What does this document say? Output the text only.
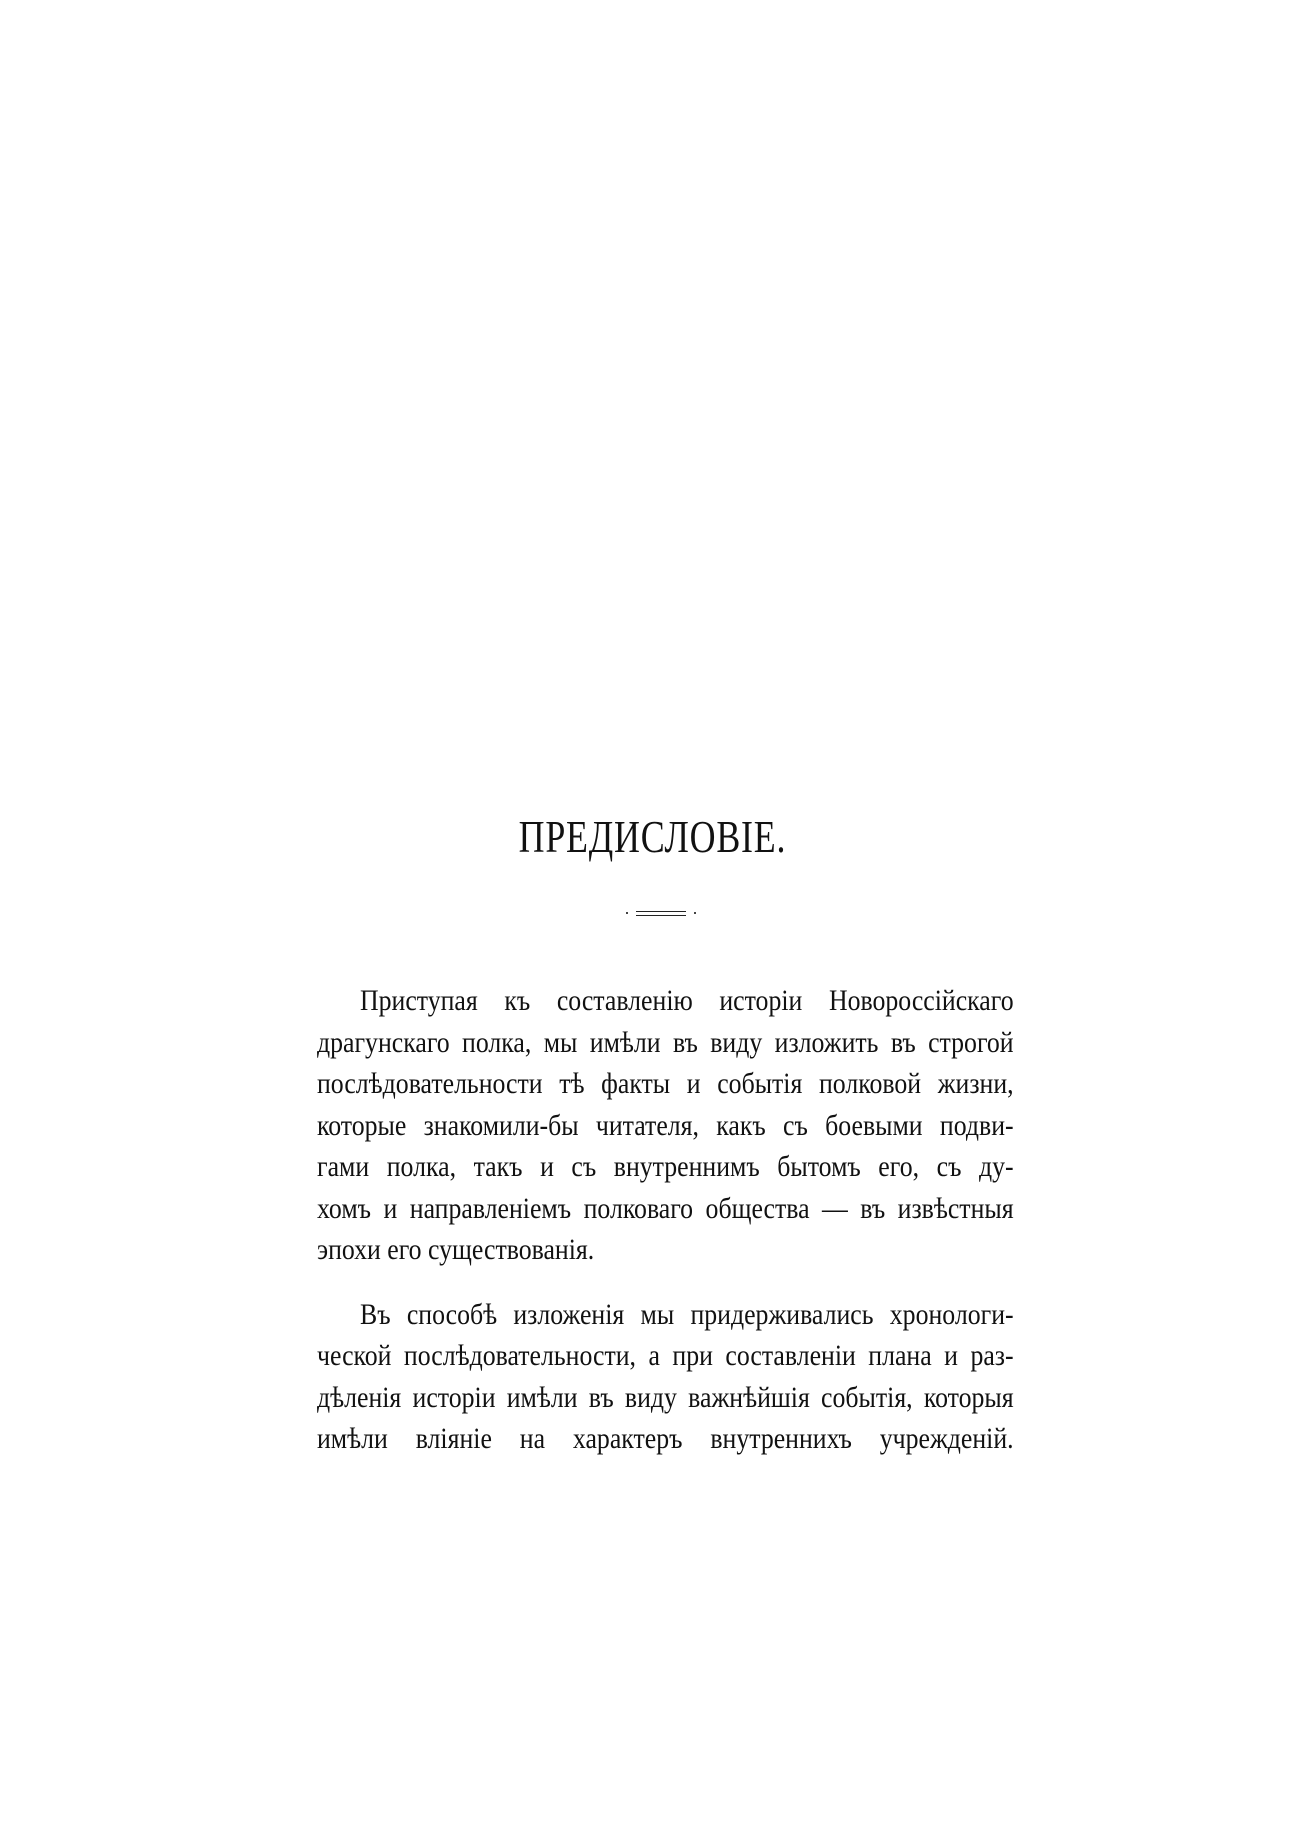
ПРЕДИСЛОВІЕ.
Приступая къ составленію исторіи Новороссійскаго
драгунскаго полка, мы имѣли въ виду изложить въ строгой
послѣдовательности тѣ факты и событія полковой жизни,
которые знакомили-бы читателя, какъ съ боевыми подви-
гами полка, такъ и съ внутреннимъ бытомъ его, съ ду-
хомъ и направленіемъ полковаго общества — въ извѣстныя
эпохи его существованія.
Въ способѣ изложенія мы придерживались хронологи-
ческой послѣдовательности, а при составленіи плана и раз-
дѣленія исторіи имѣли въ виду важнѣйшія событія, которыя
имѣли вліяніе на характеръ внутреннихъ учрежденій.
